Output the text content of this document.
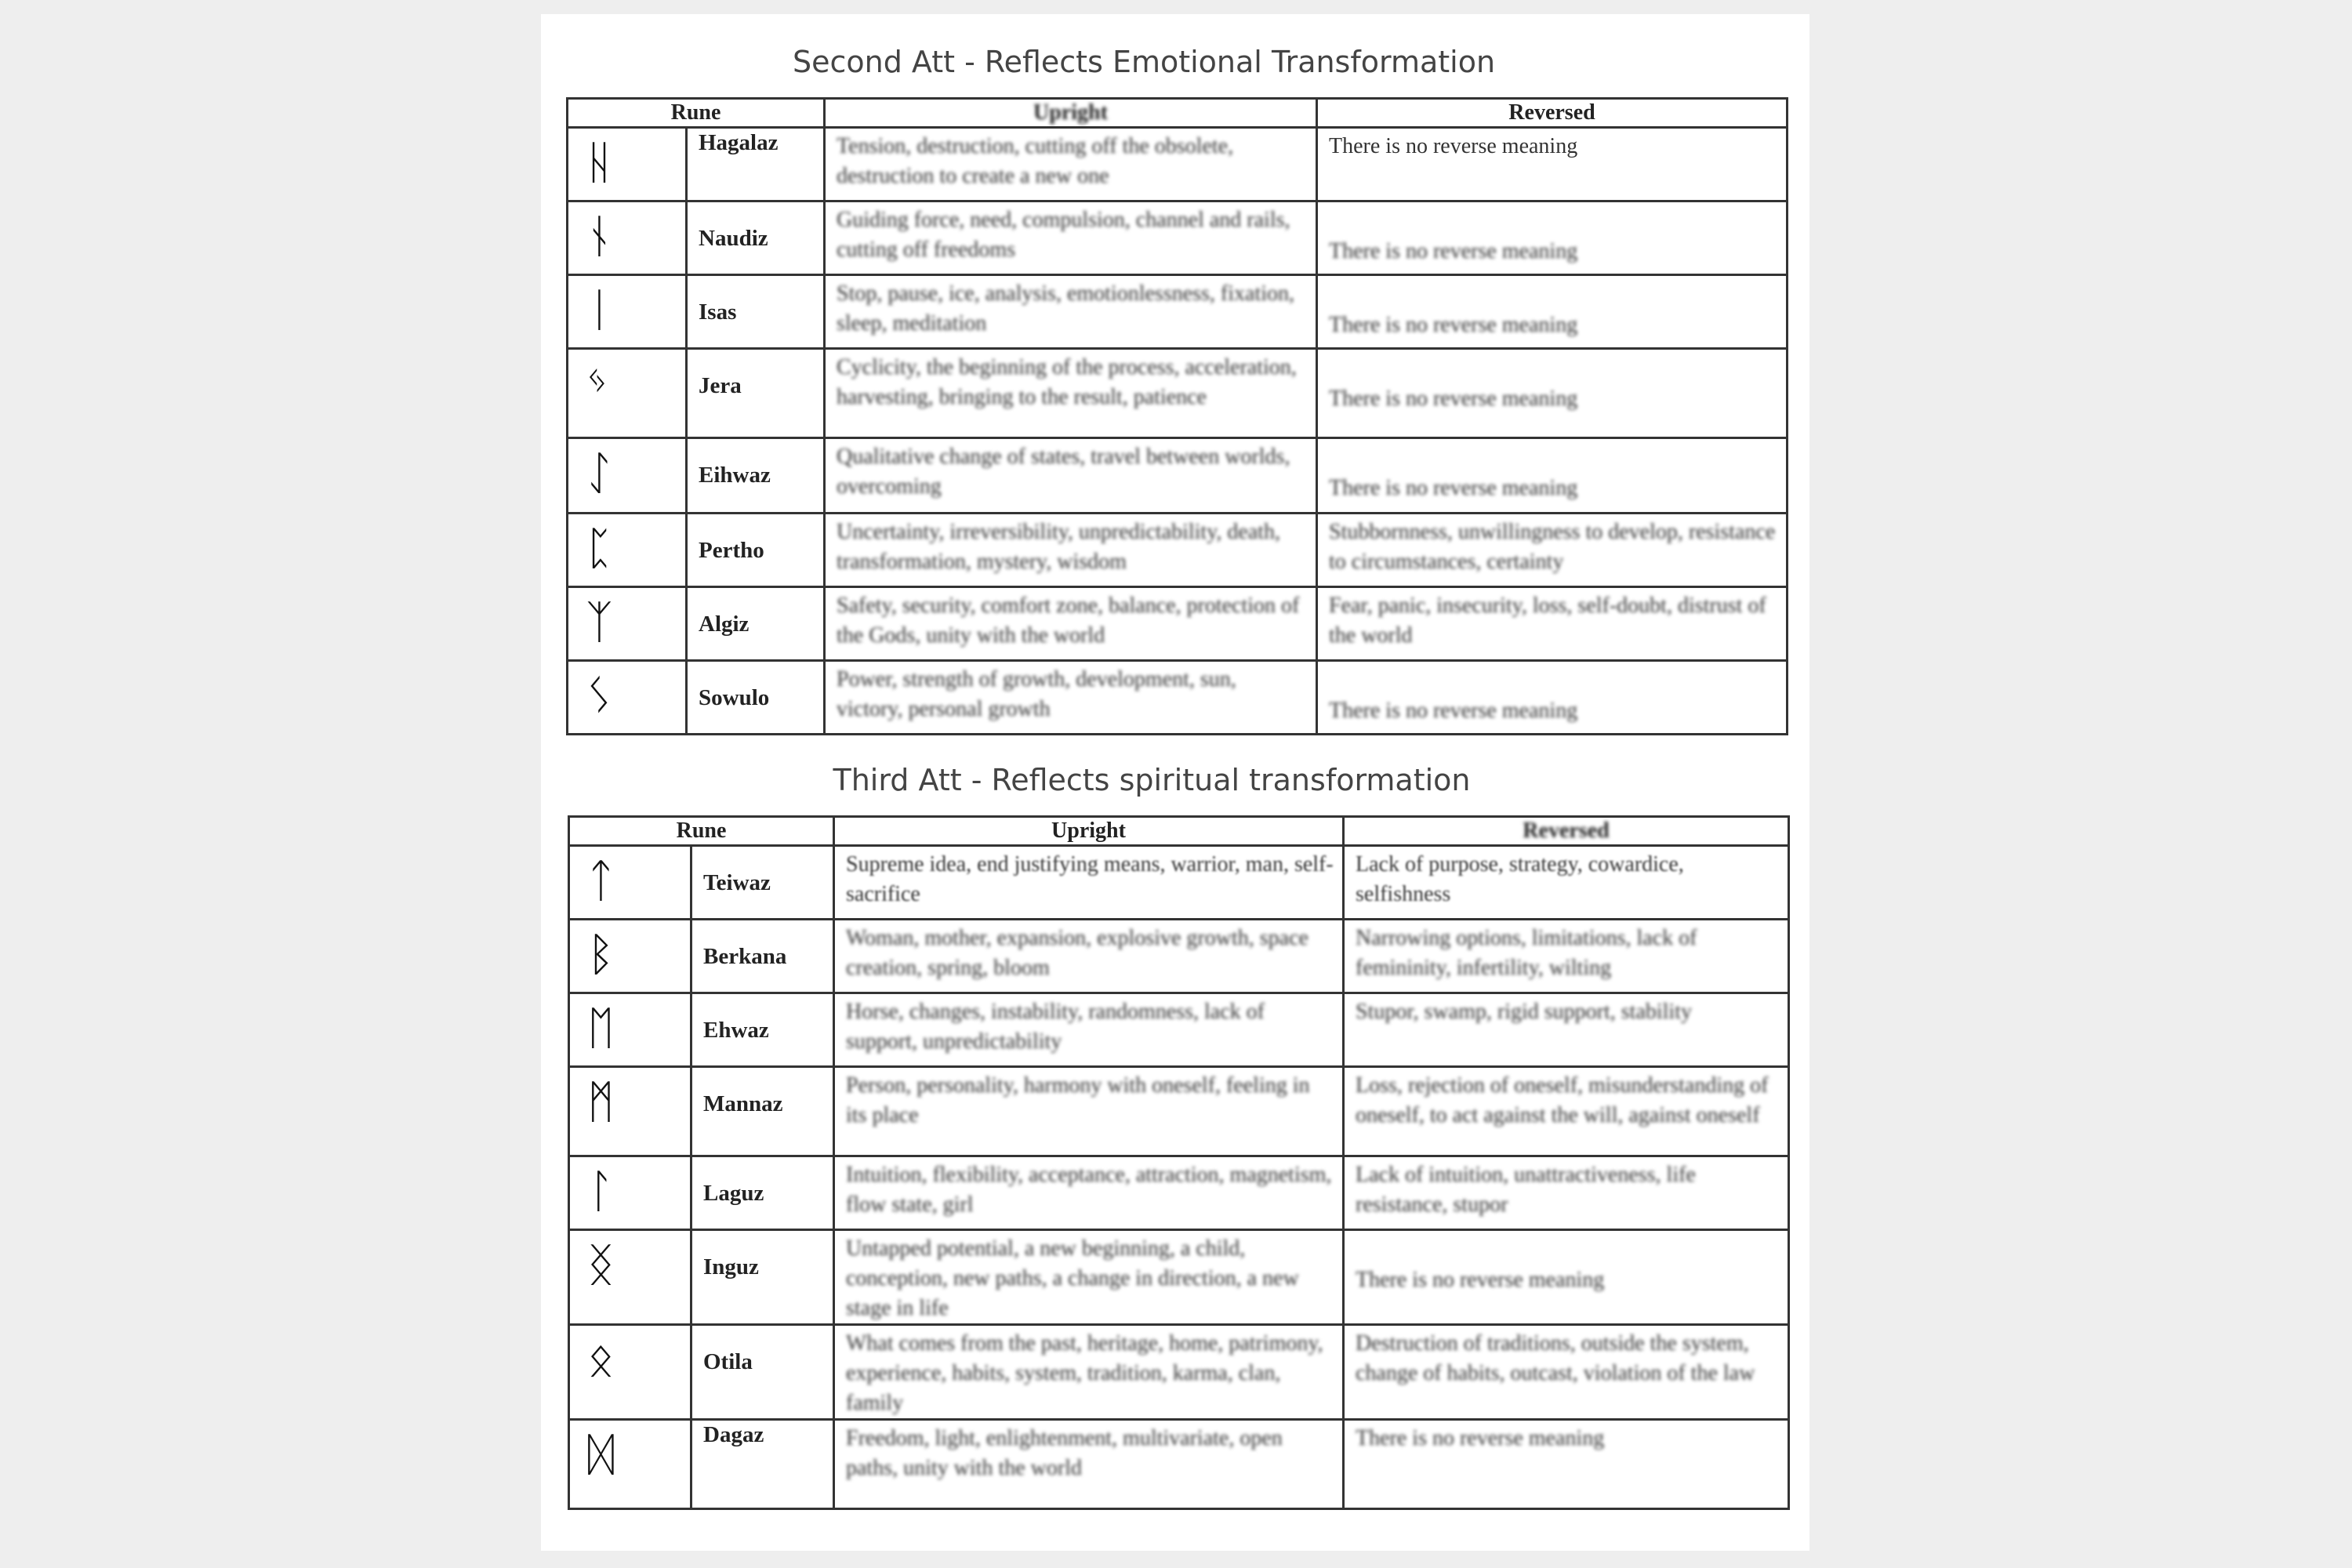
Second Att - Reflects Emotional Transformation
Rune		Upright	Reversed

ᚺ	Hagalaz	Tension, destruction, cutting off the obsolete, destruction to create a new one	There is no reverse meaning

ᚾ	Naudiz	Guiding force, need, compulsion, channel and rails, cutting off freedoms	There is no reverse meaning

ᛁ	Isas	Stop, pause, ice, analysis, emotionlessness, fixation, sleep, meditation	There is no reverse meaning

ᛃ	Jera	Cyclicity, the beginning of the process, acceleration, harvesting, bringing to the result, patience	There is no reverse meaning

ᛇ	Eihwaz	Qualitative change of states, travel between worlds, overcoming	There is no reverse meaning

ᛈ	Pertho	Uncertainty, irreversibility, unpredictability, death, transformation, mystery, wisdom	Stubbornness, unwillingness to develop, resistance to circumstances, certainty

ᛉ	Algiz	Safety, security, comfort zone, balance, protection of the Gods, unity with the world	Fear, panic, insecurity, loss, self-doubt, distrust of the world

ᛊ	Sowulo	Power, strength of growth, development, sun, victory, personal growth	There is no reverse meaning
Third Att - Reflects spiritual transformation
Rune		Upright	Reversed

ᛏ	Teiwaz	Supreme idea, end justifying means, warrior, man, self-sacrifice	Lack of purpose, strategy, cowardice, selfishness

ᛒ	Berkana	Woman, mother, expansion, explosive growth, space creation, spring, bloom	Narrowing options, limitations, lack of femininity, infertility, wilting

ᛖ	Ehwaz	Horse, changes, instability, randomness, lack of support, unpredictability	Stupor, swamp, rigid support, stability

ᛗ	Mannaz	Person, personality, harmony with oneself, feeling in its place	Loss, rejection of oneself, misunderstanding of oneself, to act against the will, against oneself

ᛚ	Laguz	Intuition, flexibility, acceptance, attraction, magnetism, flow state, girl	Lack of intuition, unattractiveness, life resistance, stupor

ᛝ	Inguz	Untapped potential, a new beginning, a child, conception, new paths, a change in direction, a new stage in life	There is no reverse meaning

ᛟ	Otila	What comes from the past, heritage, home, patrimony, experience, habits, system, tradition, karma, clan, family	Destruction of traditions, outside the system, change of habits, outcast, violation of the law

ᛞ	Dagaz	Freedom, light, enlightenment, multivariate, open paths, unity with the world	There is no reverse meaning
